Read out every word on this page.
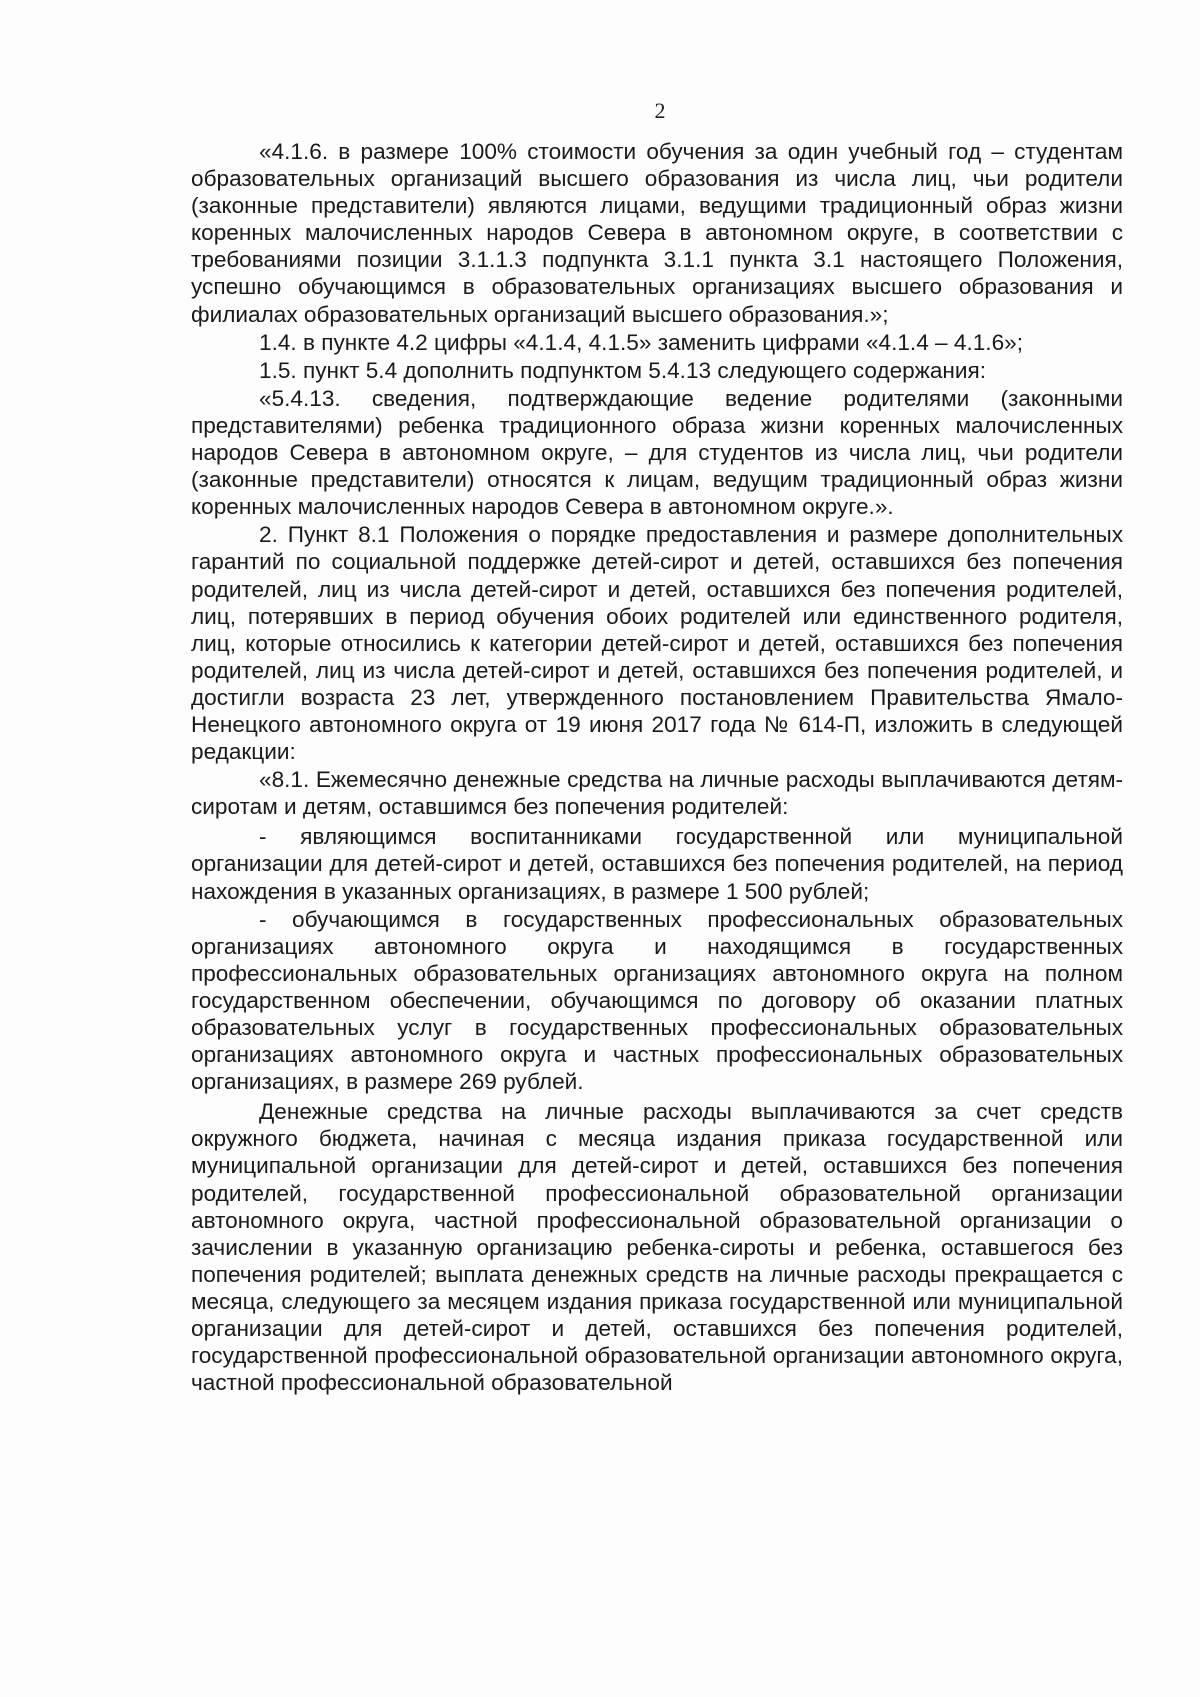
2

«4.1.6. в размере 100% стоимости обучения за один учебный год – студентам образовательных организаций высшего образования из числа лиц, чьи родители (законные представители) являются лицами, ведущими традиционный образ жизни коренных малочисленных народов Севера в автономном округе, в соответствии с требованиями позиции 3.1.1.3 подпункта 3.1.1 пункта 3.1 настоящего Положения, успешно обучающимся в образовательных организациях высшего образования и филиалах образовательных организаций высшего образования.»;

1.4. в пункте 4.2 цифры «4.1.4, 4.1.5» заменить цифрами «4.1.4 – 4.1.6»;

1.5. пункт 5.4 дополнить подпунктом 5.4.13 следующего содержания:

«5.4.13. сведения, подтверждающие ведение родителями (законными представителями) ребенка традиционного образа жизни коренных малочисленных народов Севера в автономном округе, – для студентов из числа лиц, чьи родители (законные представители) относятся к лицам, ведущим традиционный образ жизни коренных малочисленных народов Севера в автономном округе.».

2. Пункт 8.1 Положения о порядке предоставления и размере дополнительных гарантий по социальной поддержке детей-сирот и детей, оставшихся без попечения родителей, лиц из числа детей-сирот и детей, оставшихся без попечения родителей, лиц, потерявших в период обучения обоих родителей или единственного родителя, лиц, которые относились к категории детей-сирот и детей, оставшихся без попечения родителей, лиц из числа детей-сирот и детей, оставшихся без попечения родителей, и достигли возраста 23 лет, утвержденного постановлением Правительства Ямало-Ненецкого автономного округа от 19 июня 2017 года № 614-П, изложить в следующей редакции:

«8.1. Ежемесячно денежные средства на личные расходы выплачиваются детям-сиротам и детям, оставшимся без попечения родителей:

- являющимся воспитанниками государственной или муниципальной организации для детей-сирот и детей, оставшихся без попечения родителей, на период нахождения в указанных организациях, в размере 1 500 рублей;

- обучающимся в государственных профессиональных образовательных организациях автономного округа и находящимся в государственных профессиональных образовательных организациях автономного округа на полном государственном обеспечении, обучающимся по договору об оказании платных образовательных услуг в государственных профессиональных образовательных организациях автономного округа и частных профессиональных образовательных организациях, в размере 269 рублей.

Денежные средства на личные расходы выплачиваются за счет средств окружного бюджета, начиная с месяца издания приказа государственной или муниципальной организации для детей-сирот и детей, оставшихся без попечения родителей, государственной профессиональной образовательной организации автономного округа, частной профессиональной образовательной организации о зачислении в указанную организацию ребенка-сироты и ребенка, оставшегося без попечения родителей; выплата денежных средств на личные расходы прекращается с месяца, следующего за месяцем издания приказа государственной или муниципальной организации для детей-сирот и детей, оставшихся без попечения родителей, государственной профессиональной образовательной организации автономного округа, частной профессиональной образовательной
